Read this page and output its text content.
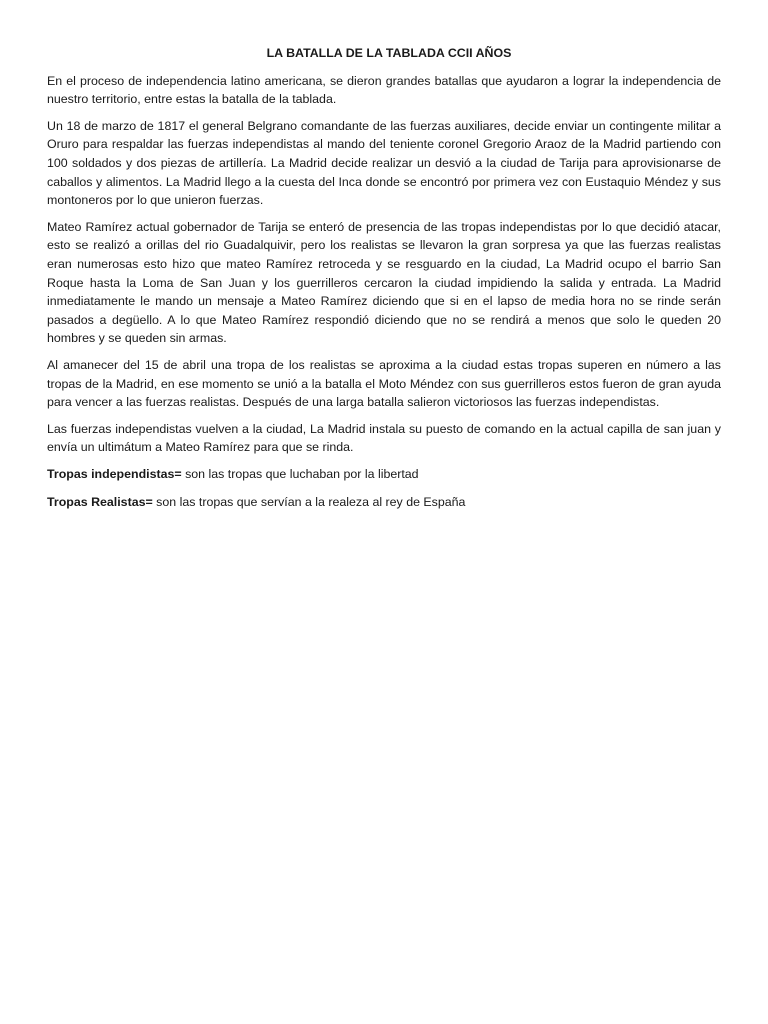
LA BATALLA DE LA TABLADA CCII AÑOS

En el proceso de independencia latino americana, se dieron grandes batallas que ayudaron a lograr la independencia de nuestro territorio, entre estas la batalla de la tablada.

Un 18 de marzo de 1817 el general Belgrano comandante de las fuerzas auxiliares, decide enviar un contingente militar a Oruro para respaldar las fuerzas independistas al mando del teniente coronel Gregorio Araoz de la Madrid partiendo con 100 soldados y dos piezas de artillería. La Madrid decide realizar un desvió a la ciudad de Tarija para aprovisionarse de caballos y alimentos. La Madrid llego a la cuesta del Inca donde se encontró por primera vez con Eustaquio Méndez y sus montoneros por lo que unieron fuerzas.

Mateo Ramírez actual gobernador de Tarija se enteró de presencia de las tropas independistas por lo que decidió atacar, esto se realizó a orillas del rio Guadalquivir, pero los realistas se llevaron la gran sorpresa ya que las fuerzas realistas eran numerosas esto hizo que mateo Ramírez retroceda y se resguardo en la ciudad, La Madrid ocupo el barrio San Roque hasta la Loma de San Juan y los guerrilleros cercaron la ciudad impidiendo la salida y entrada. La Madrid inmediatamente le mando un mensaje a Mateo Ramírez diciendo que si en el lapso de media hora no se rinde serán pasados a degüello. A lo que Mateo Ramírez respondió diciendo que no se rendirá a menos que solo le queden 20 hombres y se queden sin armas.

Al amanecer del 15 de abril una tropa de los realistas se aproxima a la ciudad estas tropas superen en número a las tropas de la Madrid, en ese momento se unió a la batalla el Moto Méndez con sus guerrilleros estos fueron de gran ayuda para vencer a las fuerzas realistas. Después de una larga batalla salieron victoriosos las fuerzas independistas.

Las fuerzas independistas vuelven a la ciudad, La Madrid instala su puesto de comando en la actual capilla de san juan y envía un ultimátum a Mateo Ramírez para que se rinda.

Tropas independistas= son las tropas que luchaban por la libertad

Tropas Realistas= son las tropas que servían a la realeza al rey de España
